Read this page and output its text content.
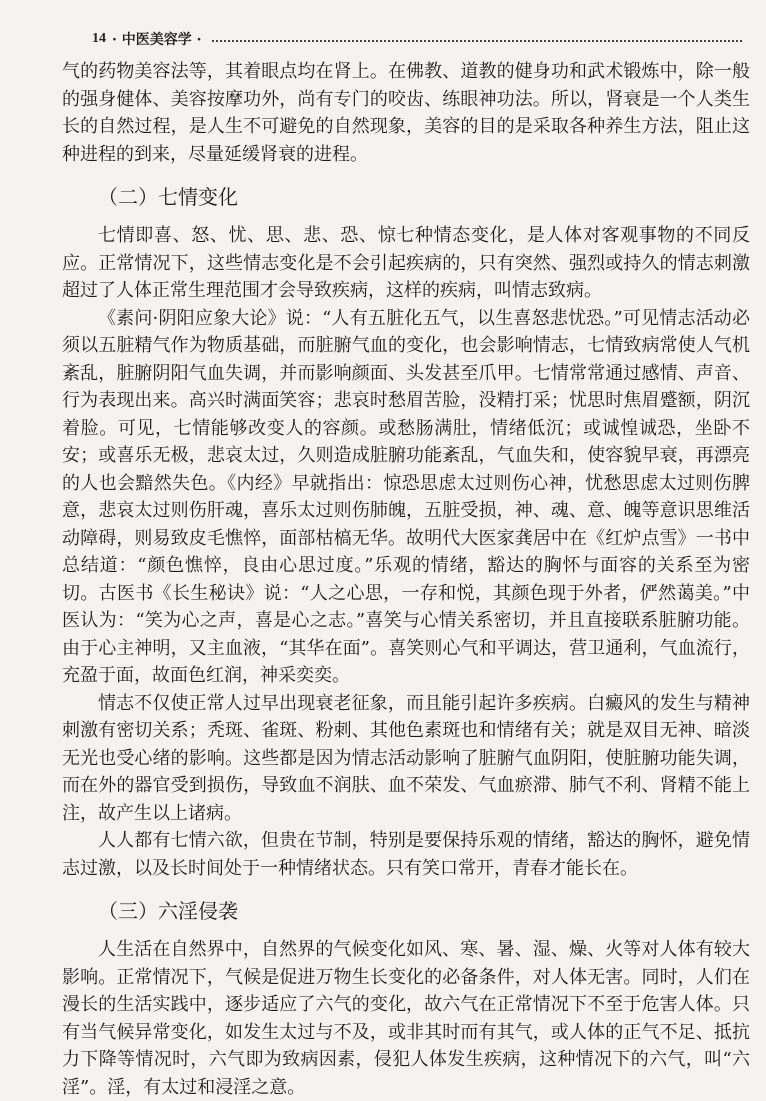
14 · 中医美容学 ·

气的药物美容法等，其着眼点均在肾上。在佛教、道教的健身功和武术锻炼中，除一般的强身健体、美容按摩功外，尚有专门的咬齿、练眼神功法。所以，肾衰是一个人类生长的自然过程，是人生不可避免的自然现象，美容的目的是采取各种养生方法，阻止这种进程的到来，尽量延缓肾衰的进程。

（二）七情变化

七情即喜、怒、忧、思、悲、恐、惊七种情态变化，是人体对客观事物的不同反应。正常情况下，这些情志变化是不会引起疾病的，只有突然、强烈或持久的情志刺激超过了人体正常生理范围才会导致疾病，这样的疾病，叫情志致病。

《素问·阴阳应象大论》说：“人有五脏化五气，以生喜怒悲忧恐。”可见情志活动必须以五脏精气作为物质基础，而脏腑气血的变化，也会影响情志，七情致病常使人气机紊乱，脏腑阴阳气血失调，并而影响颜面、头发甚至爪甲。七情常常通过感情、声音、行为表现出来。高兴时满面笑容；悲哀时愁眉苦脸，没精打采；忧思时焦眉蹙额，阴沉着脸。可见，七情能够改变人的容颜。或愁肠满肚，情绪低沉；或诚惶诚恐，坐卧不安；或喜乐无极，悲哀太过，久则造成脏腑功能紊乱，气血失和，使容貌早衰，再漂亮的人也会黯然失色。《内经》早就指出：惊恐思虑太过则伤心神，忧愁思虑太过则伤脾意，悲哀太过则伤肝魂，喜乐太过则伤肺魄，五脏受损，神、魂、意、魄等意识思维活动障碍，则易致皮毛憔悴，面部枯槁无华。故明代大医家龚居中在《红炉点雪》一书中总结道：“颜色憔悴，良由心思过度。”乐观的情绪，豁达的胸怀与面容的关系至为密切。古医书《长生秘诀》说：“人之心思，一存和悦，其颜色现于外者，俨然蔼美。”中医认为：“笑为心之声，喜是心之志。”喜笑与心情关系密切，并且直接联系脏腑功能。由于心主神明，又主血液，“其华在面”。喜笑则心气和平调达，营卫通利，气血流行，充盈于面，故面色红润，神采奕奕。

情志不仅使正常人过早出现衰老征象，而且能引起许多疾病。白癜风的发生与精神刺激有密切关系；秃斑、雀斑、粉刺、其他色素斑也和情绪有关；就是双目无神、暗淡无光也受心绪的影响。这些都是因为情志活动影响了脏腑气血阴阳，使脏腑功能失调，而在外的器官受到损伤，导致血不润肤、血不荣发、气血瘀滞、肺气不利、肾精不能上注，故产生以上诸病。

人人都有七情六欲，但贵在节制，特别是要保持乐观的情绪，豁达的胸怀，避免情志过激，以及长时间处于一种情绪状态。只有笑口常开，青春才能长在。

（三）六淫侵袭

人生活在自然界中，自然界的气候变化如风、寒、暑、湿、燥、火等对人体有较大影响。正常情况下，气候是促进万物生长变化的必备条件，对人体无害。同时，人们在漫长的生活实践中，逐步适应了六气的变化，故六气在正常情况下不至于危害人体。只有当气候异常变化，如发生太过与不及，或非其时而有其气，或人体的正气不足、抵抗力下降等情况时，六气即为致病因素，侵犯人体发生疾病，这种情况下的六气，叫“六淫”。淫，有太过和浸淫之意。
